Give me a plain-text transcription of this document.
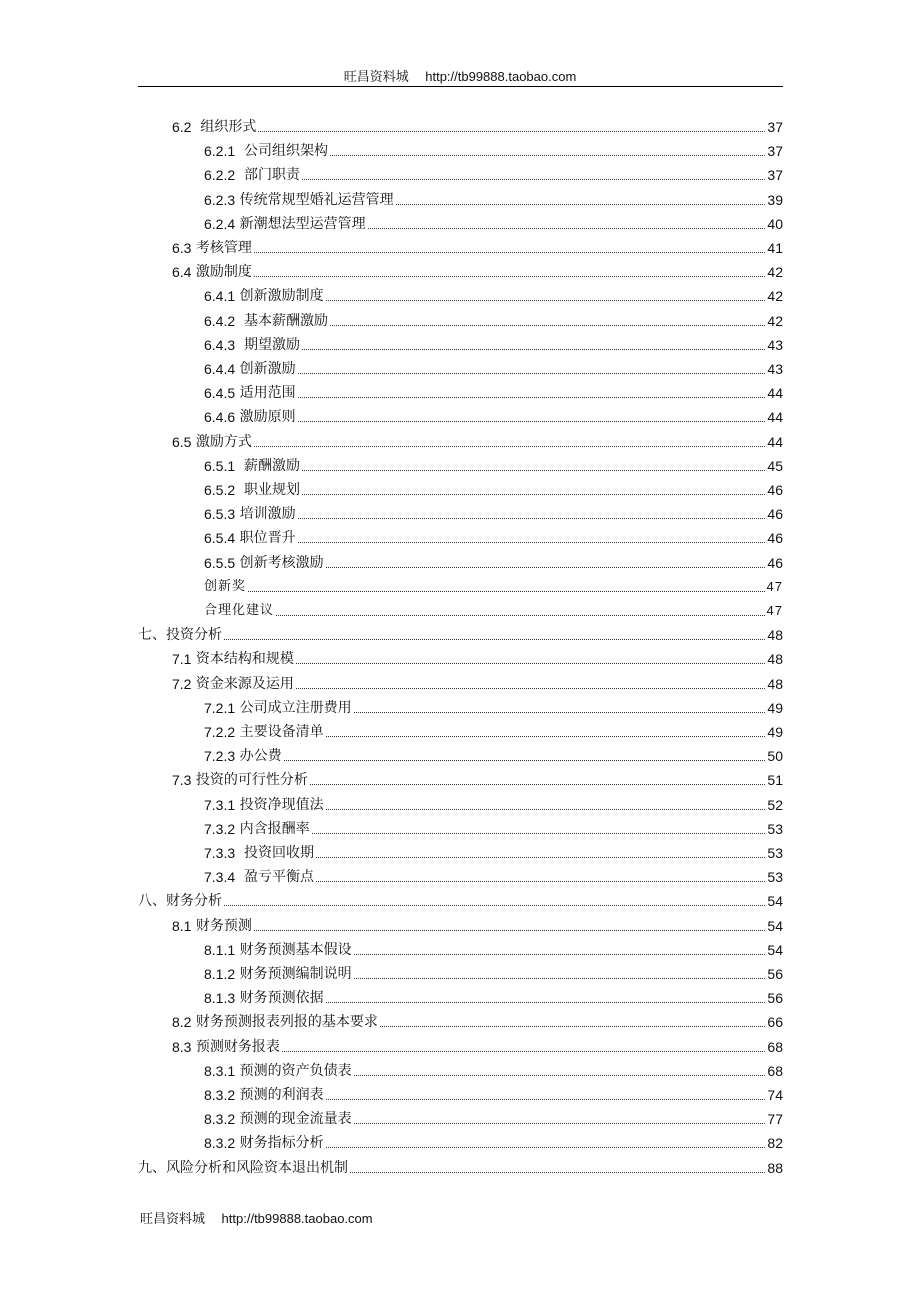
旺昌资料城 http://tb99888.taobao.com
6.2 组织形式	37
6.2.1 公司组织架构	37
6.2.2 部门职责	37
6.2.3 传统常规型婚礼运营管理	39
6.2.4 新潮想法型运营管理	40
6.3 考核管理	41
6.4 激励制度	42
6.4.1 创新激励制度	42
6.4.2 基本薪酬激励	42
6.4.3 期望激励	43
6.4.4 创新激励	43
6.4.5 适用范围	44
6.4.6 激励原则	44
6.5 激励方式	44
6.5.1 薪酬激励	45
6.5.2 职业规划	46
6.5.3 培训激励	46
6.5.4 职位晋升	46
6.5.5 创新考核激励	46
创新奖	47
合理化建议	47
七、投资分析	48
7.1 资本结构和规模	48
7.2 资金来源及运用	48
7.2.1 公司成立注册费用	49
7.2.2 主要设备清单	49
7.2.3 办公费	50
7.3 投资的可行性分析	51
7.3.1 投资净现值法	52
7.3.2 内含报酬率	53
7.3.3 投资回收期	53
7.3.4 盈亏平衡点	53
八、财务分析	54
8.1 财务预测	54
8.1.1 财务预测基本假设	54
8.1.2 财务预测编制说明	56
8.1.3 财务预测依据	56
8.2 财务预测报表列报的基本要求	66
8.3 预测财务报表	68
8.3.1 预测的资产负债表	68
8.3.2 预测的利润表	74
8.3.2 预测的现金流量表	77
8.3.2 财务指标分析	82
九、风险分析和风险资本退出机制	88
旺昌资料城 http://tb99888.taobao.com
